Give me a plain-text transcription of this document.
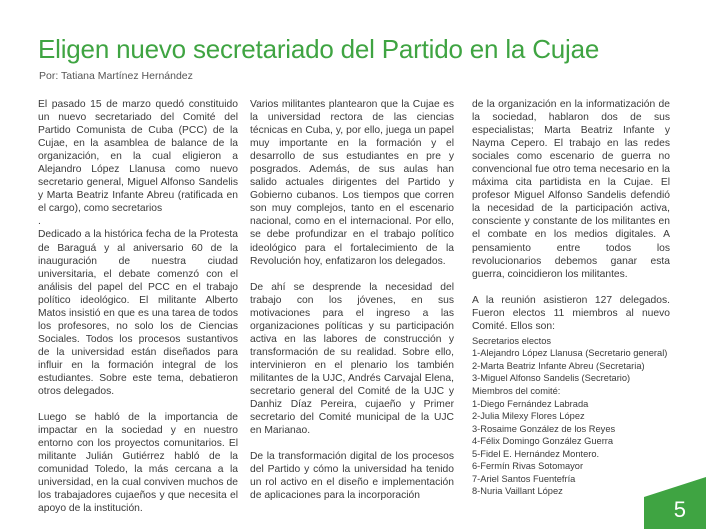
Eligen nuevo secretariado del Partido en la Cujae
Por: Tatiana Martínez Hernández

El pasado 15 de marzo quedó constituido un nuevo secretariado del Comité del Partido Comunista de Cuba (PCC) de la Cujae, en la asamblea de balance de la organización, en la cual eligieron a Alejandro López Llanusa como nuevo secretario general, Miguel Alfonso Sandelis y Marta Beatriz Infante Abreu (ratificada en el cargo), como secretarios

.

Dedicado a la histórica fecha de la Protesta de Baraguá y al aniversario 60 de la inauguración de nuestra ciudad universitaria, el debate comenzó con el análisis del papel del PCC en el trabajo político ideológico. El militante Alberto Matos insistió en que es una tarea de todos los profesores, no solo los de Ciencias Sociales. Todos los procesos sustantivos de la universidad están diseñados para influir en la formación integral de los estudiantes. Sobre este tema, debatieron otros delegados.

Luego se habló de la importancia de impactar en la sociedad y en nuestro entorno con los proyectos comunitarios. El militante Julián Gutiérrez habló de la comunidad Toledo, la más cercana a la universidad, en la cual conviven muchos de los trabajadores cujaeños y que necesita el apoyo de la institución.

Varios militantes plantearon que la Cujae es la universidad rectora de las ciencias técnicas en Cuba, y, por ello, juega un papel muy importante en la formación y el desarrollo de sus estudiantes en pre y posgrados. Además, de sus aulas han salido actuales dirigentes del Partido y Gobierno cubanos. Los tiempos que corren son muy complejos, tanto en el escenario nacional, como en el internacional. Por ello, se debe profundizar en el trabajo político ideológico para el fortalecimiento de la Revolución hoy, enfatizaron los delegados.

De ahí se desprende la necesidad del trabajo con los jóvenes, en sus motivaciones para el ingreso a las organizaciones políticas y su participación activa en las labores de construcción y transformación de su realidad. Sobre ello, intervinieron en el plenario los también militantes de la UJC, Andrés Carvajal Elena, secretario general del Comité de la UJC y Danhiz Díaz Pereira, cujaeño y Primer secretario del Comité municipal de la UJC en Marianao.

De la transformación digital de los procesos del Partido y cómo la universidad ha tenido un rol activo en el diseño e implementación de aplicaciones para la incorporación

de la organización en la informatización de la sociedad, hablaron dos de sus especialistas; Marta Beatriz Infante y Nayma Cepero. El trabajo en las redes sociales como escenario de guerra no convencional fue otro tema necesario en la máxima cita partidista en la Cujae. El profesor Miguel Alfonso Sandelis defendió la necesidad de la participación activa, consciente y constante de los militantes en el combate en los medios digitales. A pensamiento entre todos los revolucionarios debemos ganar esta guerra, coincidieron los militantes.

A la reunión asistieron 127 delegados. Fueron electos 11 miembros al nuevo Comité. Ellos son:

Secretarios electos
1-Alejandro López Llanusa (Secretario general)
2-Marta Beatriz Infante Abreu (Secretaria)
3-Miguel Alfonso Sandelis (Secretario)
Miembros del comité:
1-Diego Fernández Labrada
2-Julia Milexy Flores López
3-Rosaime González de los Reyes
4-Félix Domingo González Guerra
5-Fidel E. Hernández Montero.
6-Fermín Rivas Sotomayor
7-Ariel Santos Fuentefría
8-Nuria Vaillant López
5
